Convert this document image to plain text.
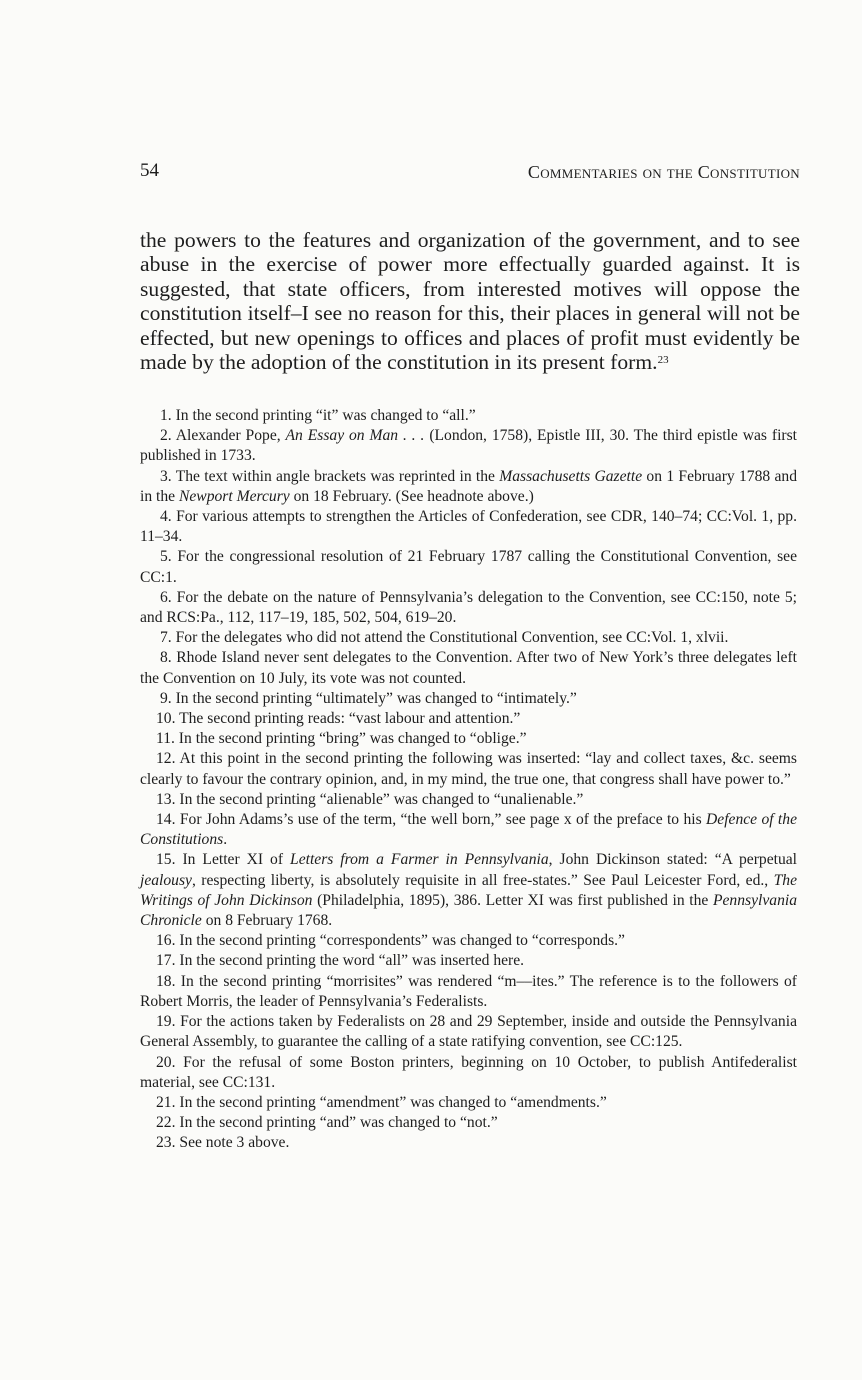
54	Commentaries on the Constitution

the powers to the features and organization of the government, and to see abuse in the exercise of power more effectually guarded against. It is suggested, that state officers, from interested motives will oppose the constitution itself–I see no reason for this, their places in general will not be effected, but new openings to offices and places of profit must evidently be made by the adoption of the constitution in its present form.$^{23}$

1. In the second printing “it” was changed to “all.”
2. Alexander Pope, An Essay on Man . . . (London, 1758), Epistle III, 30. The third epistle was first published in 1733.
3. The text within angle brackets was reprinted in the Massachusetts Gazette on 1 February 1788 and in the Newport Mercury on 18 February. (See headnote above.)
4. For various attempts to strengthen the Articles of Confederation, see CDR, 140–74; CC:Vol. 1, pp. 11–34.
5. For the congressional resolution of 21 February 1787 calling the Constitutional Convention, see CC:1.
6. For the debate on the nature of Pennsylvania’s delegation to the Convention, see CC:150, note 5; and RCS:Pa., 112, 117–19, 185, 502, 504, 619–20.
7. For the delegates who did not attend the Constitutional Convention, see CC:Vol. 1, xlvii.
8. Rhode Island never sent delegates to the Convention. After two of New York’s three delegates left the Convention on 10 July, its vote was not counted.
9. In the second printing “ultimately” was changed to “intimately.”
10. The second printing reads: “vast labour and attention.”
11. In the second printing “bring” was changed to “oblige.”
12. At this point in the second printing the following was inserted: “lay and collect taxes, &c. seems clearly to favour the contrary opinion, and, in my mind, the true one, that congress shall have power to.”
13. In the second printing “alienable” was changed to “unalienable.”
14. For John Adams’s use of the term, “the well born,” see page x of the preface to his Defence of the Constitutions.
15. In Letter XI of Letters from a Farmer in Pennsylvania, John Dickinson stated: “A perpetual jealousy, respecting liberty, is absolutely requisite in all free-states.” See Paul Leicester Ford, ed., The Writings of John Dickinson (Philadelphia, 1895), 386. Letter XI was first published in the Pennsylvania Chronicle on 8 February 1768.
16. In the second printing “correspondents” was changed to “corresponds.”
17. In the second printing the word “all” was inserted here.
18. In the second printing “morrisites” was rendered “m––ites.” The reference is to the followers of Robert Morris, the leader of Pennsylvania’s Federalists.
19. For the actions taken by Federalists on 28 and 29 September, inside and outside the Pennsylvania General Assembly, to guarantee the calling of a state ratifying convention, see CC:125.
20. For the refusal of some Boston printers, beginning on 10 October, to publish Antifederalist material, see CC:131.
21. In the second printing “amendment” was changed to “amendments.”
22. In the second printing “and” was changed to “not.”
23. See note 3 above.
